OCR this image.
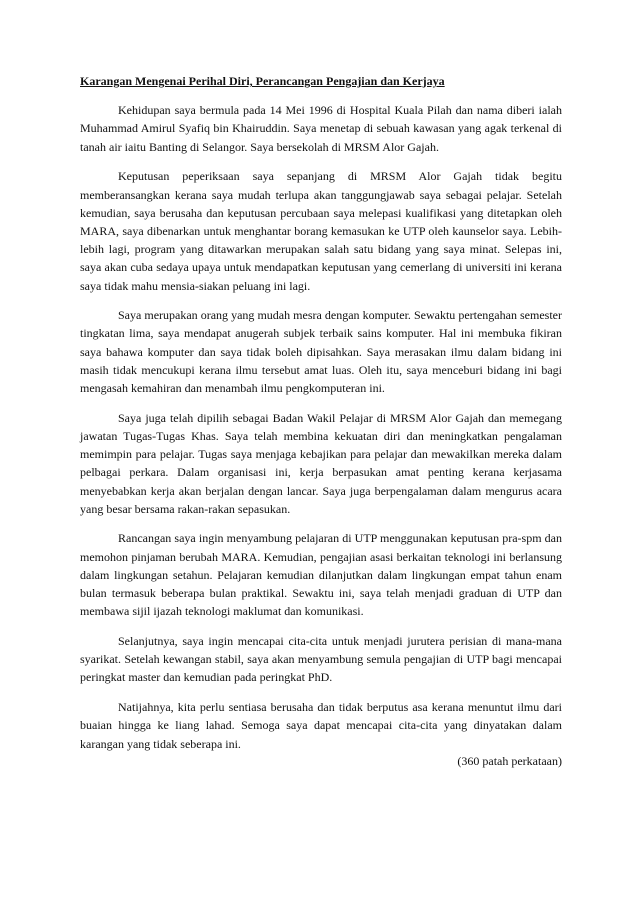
Karangan Mengenai Perihal Diri, Perancangan Pengajian dan Kerjaya

Kehidupan saya bermula pada 14 Mei 1996 di Hospital Kuala Pilah dan nama diberi ialah Muhammad Amirul Syafiq bin Khairuddin. Saya menetap di sebuah kawasan yang agak terkenal di tanah air iaitu Banting di Selangor. Saya bersekolah di MRSM Alor Gajah.

Keputusan peperiksaan saya sepanjang di MRSM Alor Gajah tidak begitu memberansangkan kerana saya mudah terlupa akan tanggungjawab saya sebagai pelajar. Setelah kemudian, saya berusaha dan keputusan percubaan saya melepasi kualifikasi yang ditetapkan oleh MARA, saya dibenarkan untuk menghantar borang kemasukan ke UTP oleh kaunselor saya. Lebih-lebih lagi, program yang ditawarkan merupakan salah satu bidang yang saya minat. Selepas ini, saya akan cuba sedaya upaya untuk mendapatkan keputusan yang cemerlang di universiti ini kerana saya tidak mahu mensia-siakan peluang ini lagi.

Saya merupakan orang yang mudah mesra dengan komputer. Sewaktu pertengahan semester tingkatan lima, saya mendapat anugerah subjek terbaik sains komputer. Hal ini membuka fikiran saya bahawa komputer dan saya tidak boleh dipisahkan. Saya merasakan ilmu dalam bidang ini masih tidak mencukupi kerana ilmu tersebut amat luas. Oleh itu, saya menceburi bidang ini bagi mengasah kemahiran dan menambah ilmu pengkomputeran ini.

Saya juga telah dipilih sebagai Badan Wakil Pelajar di MRSM Alor Gajah dan memegang jawatan Tugas-Tugas Khas. Saya telah membina kekuatan diri dan meningkatkan pengalaman memimpin para pelajar. Tugas saya menjaga kebajikan para pelajar dan mewakilkan mereka dalam pelbagai perkara. Dalam organisasi ini, kerja berpasukan amat penting kerana kerjasama menyebabkan kerja akan berjalan dengan lancar. Saya juga berpengalaman dalam mengurus acara yang besar bersama rakan-rakan sepasukan.

Rancangan saya ingin menyambung pelajaran di UTP menggunakan keputusan pra-spm dan memohon pinjaman berubah MARA. Kemudian, pengajian asasi berkaitan teknologi ini berlansung dalam lingkungan setahun. Pelajaran kemudian dilanjutkan dalam lingkungan empat tahun enam bulan termasuk beberapa bulan praktikal. Sewaktu ini, saya telah menjadi graduan di UTP dan membawa sijil ijazah teknologi maklumat dan komunikasi.

Selanjutnya, saya ingin mencapai cita-cita untuk menjadi jurutera perisian di mana-mana syarikat. Setelah kewangan stabil, saya akan menyambung semula pengajian di UTP bagi mencapai peringkat master dan kemudian pada peringkat PhD.

Natijahnya, kita perlu sentiasa berusaha dan tidak berputus asa kerana menuntut ilmu dari buaian hingga ke liang lahad. Semoga saya dapat mencapai cita-cita yang dinyatakan dalam karangan yang tidak seberapa ini.

(360 patah perkataan)
